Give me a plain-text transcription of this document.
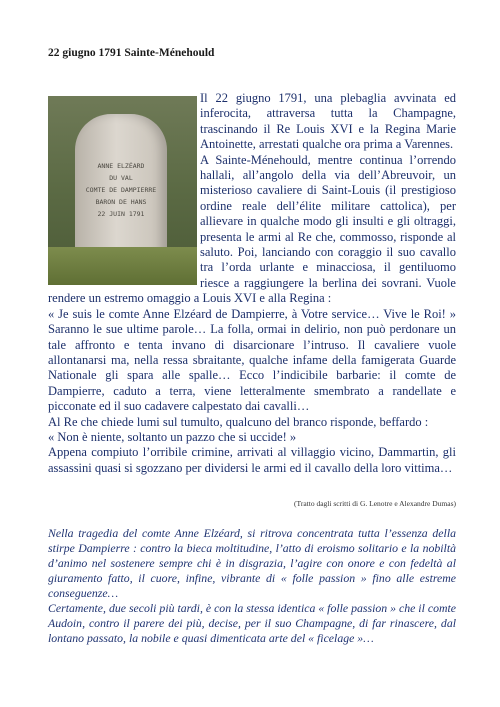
22 giugno 1791 Sainte-Ménehould

Il 22 giugno 1791, una plebaglia avvinata ed inferocita, attraversa tutta la Champagne, trascinando il Re Louis XVI e la Regina Marie Antoinette, arrestati qualche ora prima a Varennes.

A Sainte-Ménehould, mentre continua l’orrendo hallali, all’angolo della via dell’Abreuvoir, un misterioso cavaliere di Saint-Louis (il prestigioso ordine reale dell’élite militare cattolica), per allievare in qualche modo gli insulti e gli oltraggi, presenta le armi al Re che, commosso, risponde al saluto. Poi, lanciando con coraggio il suo cavallo tra l’orda urlante e minacciosa, il gentiluomo riesce a raggiungere la berlina dei sovrani. Vuole rendere un estremo omaggio a Louis XVI e alla Regina :

« Je suis le comte Anne Elzéard de Dampierre, à Votre service… Vive le Roi! » Saranno le sue ultime parole… La folla, ormai in delirio, non può perdonare un tale affronto e tenta invano di disarcionare l’intruso. Il cavaliere vuole allontanarsi ma, nella ressa sbraitante, qualche infame della famigerata Guarde Nationale gli spara alle spalle… Ecco l’indicibile barbarie: il comte de Dampierre, caduto a terra, viene letteralmente smembrato a randellate e picconate ed il suo cadavere calpestato dai cavalli…

Al Re che chiede lumi sul tumulto, qualcuno del branco risponde, beffardo :

« Non è niente, soltanto un pazzo che si uccide! »

Appena compiuto l’orribile crimine, arrivati al villaggio vicino, Dammartin, gli assassini quasi si sgozzano per dividersi le armi ed il cavallo della loro vittima…

ANNE ELZÉARD
DU VAL
COMTE DE DAMPIERRE
BARON DE HANS
22 JUIN 1791
(Tratto dagli scritti di G. Lenotre e Alexandre Dumas)

Nella tragedia del comte Anne Elzéard, si ritrova concentrata tutta l’essenza della stirpe Dampierre : contro la bieca moltitudine, l’atto di eroismo solitario e la nobiltà d’animo nel sostenere sempre chi è in disgrazia, l’agire con onore e con fedeltà al giuramento fatto, il cuore, infine, vibrante di « folle passion » fino alle estreme conseguenze…

Certamente, due secoli più tardi, è con la stessa identica « folle passion » che il comte Audoin, contro il parere dei più, decise, per il suo Champagne, di far rinascere, dal lontano passato, la nobile e quasi dimenticata arte del « ficelage »…
